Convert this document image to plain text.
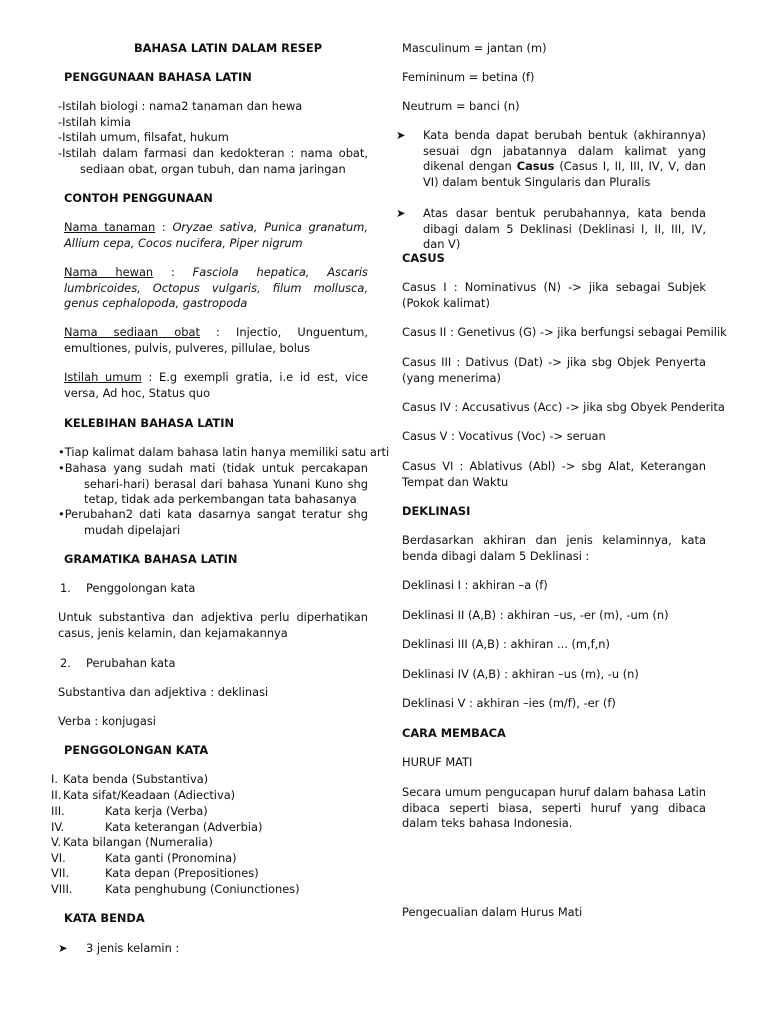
BAHASA LATIN DALAM RESEP
PENGGUNAAN BAHASA LATIN
-Istilah biologi : nama2 tanaman dan hewa
-Istilah kimia
-Istilah umum, filsafat, hukum
-Istilah dalam farmasi dan kedokteran : nama obat,
sediaan obat, organ tubuh, dan nama jaringan
CONTOH PENGGUNAAN
Nama tanaman : Oryzae sativa, Punica granatum, Allium cepa, Cocos nucifera, Piper nigrum
Nama hewan : Fasciola hepatica, Ascaris lumbricoides, Octopus vulgaris, filum mollusca, genus cephalopoda, gastropoda
Nama sediaan obat : Injectio, Unguentum, emultiones, pulvis, pulveres, pillulae, bolus
Istilah umum : E.g exempli gratia, i.e id est, vice versa, Ad hoc, Status quo
KELEBIHAN BAHASA LATIN
•Tiap kalimat dalam bahasa latin hanya memiliki satu arti
•Bahasa yang sudah mati (tidak untuk percakapan sehari-hari) berasal dari bahasa Yunani Kuno shg tetap, tidak ada perkembangan tata bahasanya
•Perubahan2 dati kata dasarnya sangat teratur shg mudah dipelajari
GRAMATIKA BAHASA LATIN
1. Penggolongan kata
Untuk substantiva dan adjektiva perlu diperhatikan casus, jenis kelamin, dan kejamakannya
2. Perubahan kata
Substantiva dan adjektiva : deklinasi
Verba : konjugasi
PENGGOLONGAN KATA
I. Kata benda (Substantiva)
II. Kata sifat/Keadaan (Adiectiva)
III.	Kata kerja (Verba)
IV.	Kata keterangan (Adverbia)
V. Kata bilangan (Numeralia)
VI.	Kata ganti (Pronomina)
VII.	Kata depan (Prepositiones)
VIII.	Kata penghubung (Coniunctiones)
KATA BENDA
➤ 3 jenis kelamin :
Masculinum = jantan (m)
Femininum = betina (f)
Neutrum = banci (n)
➤ Kata benda dapat berubah bentuk (akhirannya) sesuai dgn jabatannya dalam kalimat yang dikenal dengan Casus (Casus I, II, III, IV, V, dan VI) dalam bentuk Singularis dan Pluralis
➤ Atas dasar bentuk perubahannya, kata benda dibagi dalam 5 Deklinasi (Deklinasi I, II, III, IV, dan V)
CASUS
Casus I : Nominativus (N) -> jika sebagai Subjek (Pokok kalimat)
Casus II : Genetivus (G) -> jika berfungsi sebagai Pemilik
Casus III : Dativus (Dat) -> jika sbg Objek Penyerta (yang menerima)
Casus IV : Accusativus (Acc) -> jika sbg Obyek Penderita
Casus V : Vocativus (Voc) -> seruan
Casus VI : Ablativus (Abl) -> sbg Alat, Keterangan Tempat dan Waktu
DEKLINASI
Berdasarkan akhiran dan jenis kelaminnya, kata benda dibagi dalam 5 Deklinasi :
Deklinasi I : akhiran –a (f)
Deklinasi II (A,B) : akhiran –us, -er (m), -um (n)
Deklinasi III (A,B) : akhiran ... (m,f,n)
Deklinasi IV (A,B) : akhiran –us (m), -u (n)
Deklinasi V : akhiran –ies (m/f), -er (f)
CARA MEMBACA
HURUF MATI
Secara umum pengucapan huruf dalam bahasa Latin dibaca seperti biasa, seperti huruf yang dibaca dalam teks bahasa Indonesia.
Pengecualian dalam Hurus Mati
